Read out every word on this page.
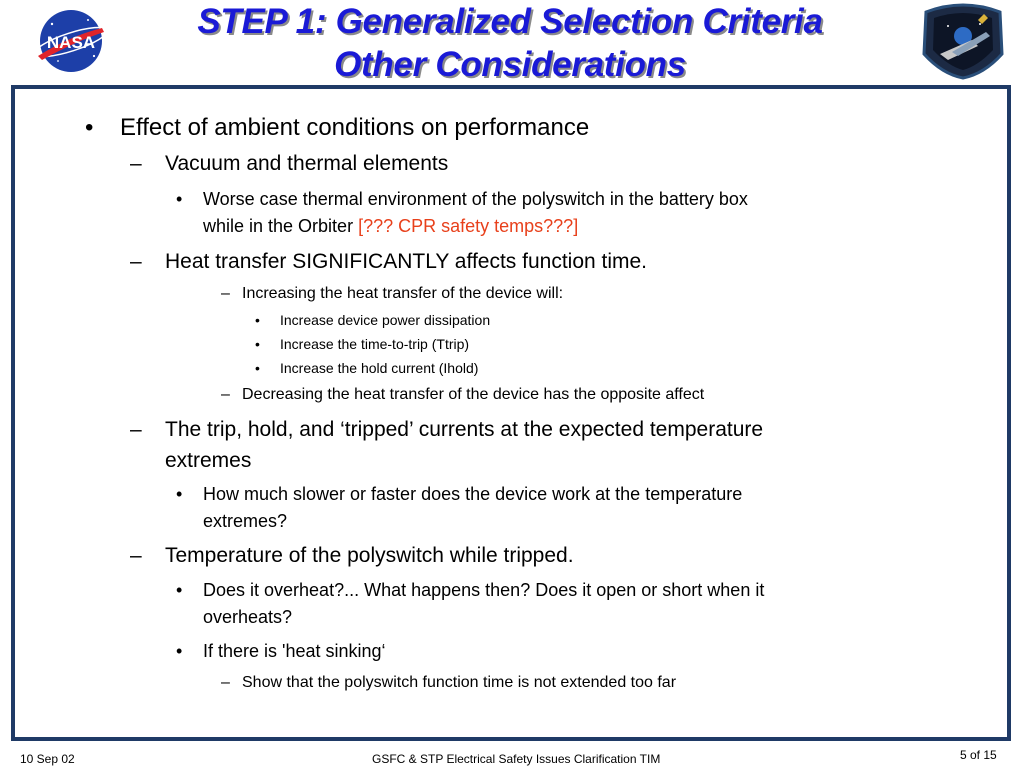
NASA
STEP 1: Generalized Selection Criteria
Other Considerations
• Effect of ambient conditions on performance
– Vacuum and thermal elements
• Worse case thermal environment of the polyswitch in the battery box
while in the Orbiter [??? CPR safety temps???]
– Heat transfer SIGNIFICANTLY affects function time.
– Increasing the heat transfer of the device will:
• Increase device power dissipation
• Increase the time-to-trip (Ttrip)
• Increase the hold current (Ihold)
– Decreasing the heat transfer of the device has the opposite affect
– The trip, hold, and ‘tripped’ currents at the expected temperature
extremes
• How much slower or faster does the device work at the temperature
extremes?
– Temperature of the polyswitch while tripped.
• Does it overheat?... What happens then? Does it open or short when it
overheats?
• If there is 'heat sinking‘
– Show that the polyswitch function time is not extended too far
10 Sep 02	GSFC & STP Electrical Safety Issues Clarification TIM	5 of 15
